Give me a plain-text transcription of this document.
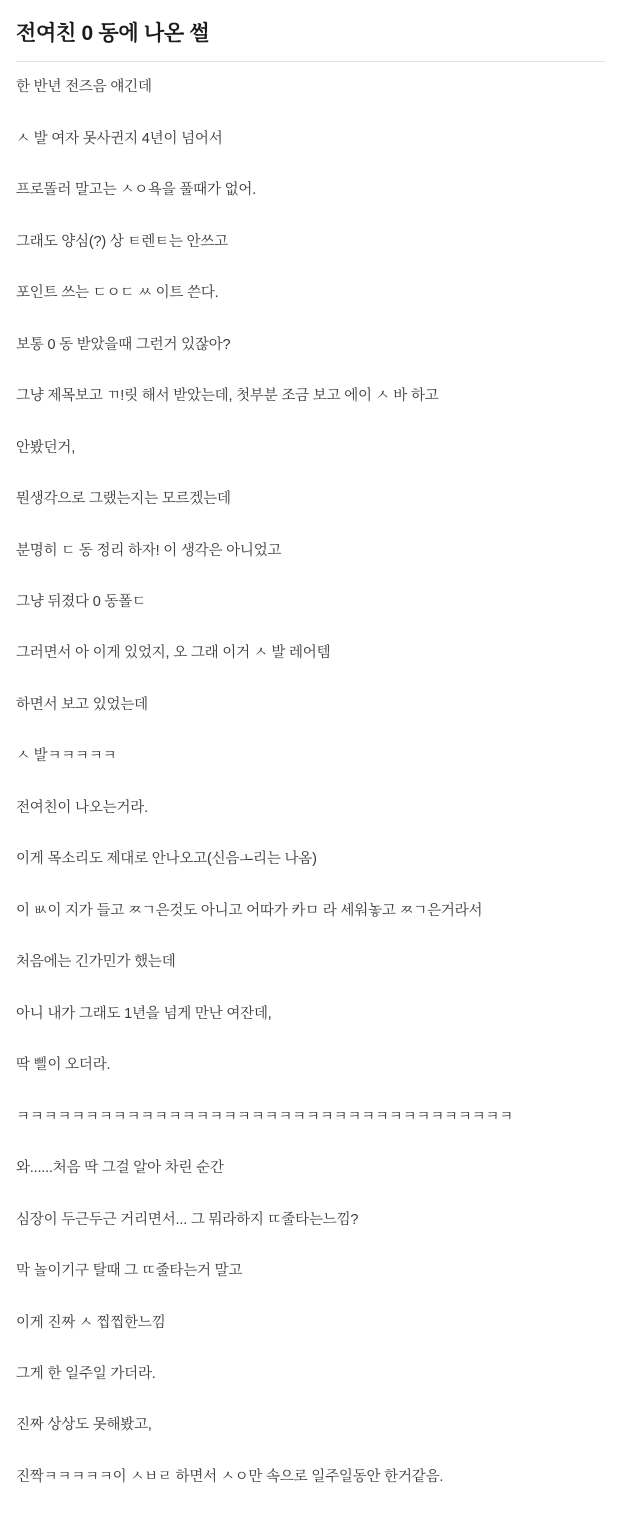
전여친 0 동에 나온 썰

한 반년 전즈음 얘긴데

ㅅ 발 여자 못사귄지 4년이 넘어서

프로똘러 말고는 ㅅㅇ욕을 풀때가 없어.

그래도 양심(?) 상 ㅌ렌ㅌ는 안쓰고

포인트 쓰는 ㄷㅇㄷ ㅆ 이트 쓴다.

보통 0 동 받았을때 그런거 있잖아?

그냥 제목보고 ㄲ!릿 해서 받았는데, 첫부분 조금 보고 에이 ㅅ 바 하고

안봤던거,

뭔생각으로 그랬는지는 모르겠는데

분명히 ㄷ 동 정리 하자! 이 생각은 아니었고

그냥 뒤졌다 0 동폴ㄷ

그러면서 아 이게 있었지, 오 그래 이거 ㅅ 발 레어템

하면서 보고 있었는데

ㅅ 발ㅋㅋㅋㅋㅋ

전여친이 나오는거라.

이게 목소리도 제대로 안나오고(신음ㅗ리는 나옴)

이 ㅄ이 지가 들고 ㅉㄱ은것도 아니고 어따가 카ㅁ 라 세워놓고 ㅉㄱ은거라서

처음에는 긴가민가 했는데

아니 내가 그래도 1년을 넘게 만난 여잔데,

딱 삘이 오더라.

ㅋㅋㅋㅋㅋㅋㅋㅋㅋㅋㅋㅋㅋㅋㅋㅋㅋㅋㅋㅋㅋㅋㅋㅋㅋㅋㅋㅋㅋㅋㅋㅋㅋㅋㅋㅋ

와......처음 딱 그걸 알아 차린 순간

심장이 두근두근 거리면서... 그 뭐라하지 ㄸ줄타는느낌?

막 놀이기구 탈때 그 ㄸ줄타는거 말고

이게 진짜 ㅅ 찝찝한느낌

그게 한 일주일 가더라.

진짜 상상도 못해봤고,

진짝ㅋㅋㅋㅋㅋ이 ㅅㅂㄹ 하면서 ㅅㅇ만 속으로 일주일동안 한거같음.
